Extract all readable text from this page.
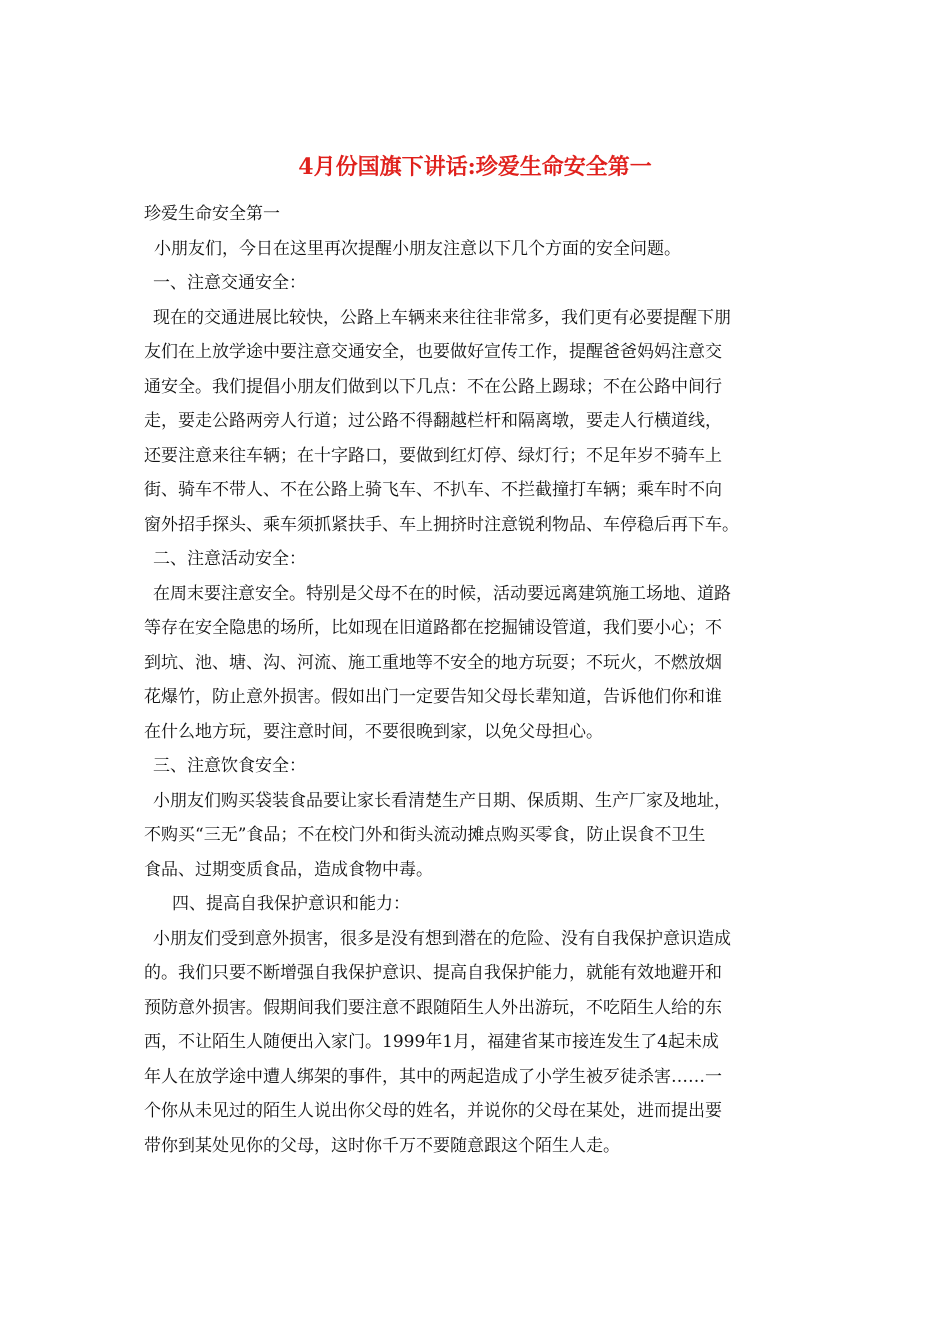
4月份国旗下讲话:珍爱生命安全第一
珍爱生命安全第一
小朋友们，今日在这里再次提醒小朋友注意以下几个方面的安全问题。
一、注意交通安全：
现在的交通进展比较快，公路上车辆来来往往非常多，我们更有必要提醒下朋
友们在上放学途中要注意交通安全，也要做好宣传工作，提醒爸爸妈妈注意交
通安全。我们提倡小朋友们做到以下几点：不在公路上踢球；不在公路中间行
走，要走公路两旁人行道；过公路不得翻越栏杆和隔离墩，要走人行横道线，
还要注意来往车辆；在十字路口，要做到红灯停、绿灯行；不足年岁不骑车上
街、骑车不带人、不在公路上骑飞车、不扒车、不拦截撞打车辆；乘车时不向
窗外招手探头、乘车须抓紧扶手、车上拥挤时注意锐利物品、车停稳后再下车。
二、注意活动安全：
在周末要注意安全。特别是父母不在的时候，活动要远离建筑施工场地、道路
等存在安全隐患的场所，比如现在旧道路都在挖掘铺设管道，我们要小心；不
到坑、池、塘、沟、河流、施工重地等不安全的地方玩耍；不玩火，不燃放烟
花爆竹，防止意外损害。假如出门一定要告知父母长辈知道，告诉他们你和谁
在什么地方玩，要注意时间，不要很晚到家，以免父母担心。
三、注意饮食安全：
小朋友们购买袋装食品要让家长看清楚生产日期、保质期、生产厂家及地址，
不购买“三无”食品；不在校门外和街头流动摊点购买零食，防止误食不卫生
食品、过期变质食品，造成食物中毒。
四、提高自我保护意识和能力：
小朋友们受到意外损害，很多是没有想到潜在的危险、没有自我保护意识造成
的。我们只要不断增强自我保护意识、提高自我保护能力，就能有效地避开和
预防意外损害。假期间我们要注意不跟随陌生人外出游玩，不吃陌生人给的东
西，不让陌生人随便出入家门。1999年1月，福建省某市接连发生了4起未成
年人在放学途中遭人绑架的事件，其中的两起造成了小学生被歹徒杀害……一
个你从未见过的陌生人说出你父母的姓名，并说你的父母在某处，进而提出要
带你到某处见你的父母，这时你千万不要随意跟这个陌生人走。
